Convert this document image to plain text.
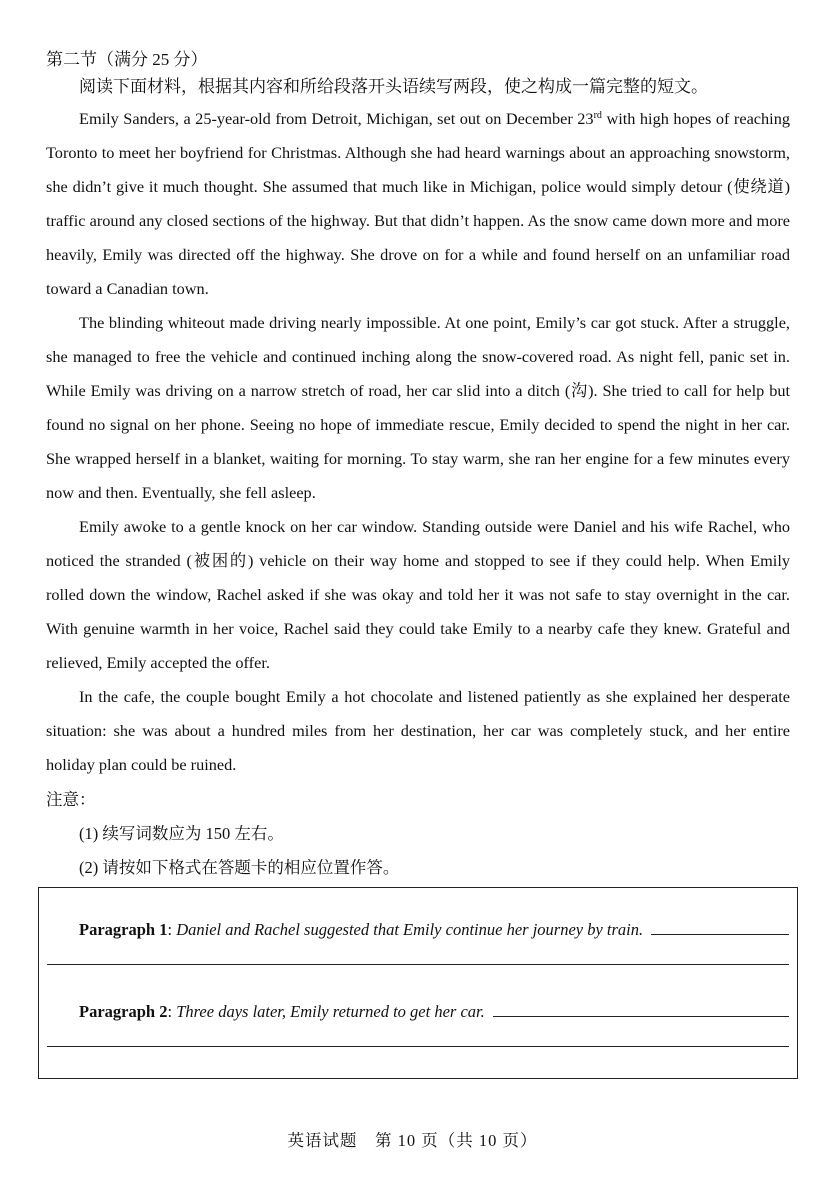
第二节（满分 25 分）
阅读下面材料，根据其内容和所给段落开头语续写两段，使之构成一篇完整的短文。

Emily Sanders, a 25-year-old from Detroit, Michigan, set out on December 23rd with high hopes of reaching Toronto to meet her boyfriend for Christmas. Although she had heard warnings about an approaching snowstorm, she didn’t give it much thought. She assumed that much like in Michigan, police would simply detour (使绕道) traffic around any closed sections of the highway. But that didn’t happen. As the snow came down more and more heavily, Emily was directed off the highway. She drove on for a while and found herself on an unfamiliar road toward a Canadian town.

The blinding whiteout made driving nearly impossible. At one point, Emily’s car got stuck. After a struggle, she managed to free the vehicle and continued inching along the snow-covered road. As night fell, panic set in. While Emily was driving on a narrow stretch of road, her car slid into a ditch (沟). She tried to call for help but found no signal on her phone. Seeing no hope of immediate rescue, Emily decided to spend the night in her car. She wrapped herself in a blanket, waiting for morning. To stay warm, she ran her engine for a few minutes every now and then. Eventually, she fell asleep.

Emily awoke to a gentle knock on her car window. Standing outside were Daniel and his wife Rachel, who noticed the stranded (被困的) vehicle on their way home and stopped to see if they could help. When Emily rolled down the window, Rachel asked if she was okay and told her it was not safe to stay overnight in the car. With genuine warmth in her voice, Rachel said they could take Emily to a nearby cafe they knew. Grateful and relieved, Emily accepted the offer.

In the cafe, the couple bought Emily a hot chocolate and listened patiently as she explained her desperate situation: she was about a hundred miles from her destination, her car was completely stuck, and her entire holiday plan could be ruined.

注意：
(1) 续写词数应为 150 左右。
(2) 请按如下格式在答题卡的相应位置作答。
Paragraph 1 : Daniel and Rachel suggested that Emily continue her journey by train.
Paragraph 2 : Three days later, Emily returned to get her car.
英语试题　第 10 页（共 10 页）
